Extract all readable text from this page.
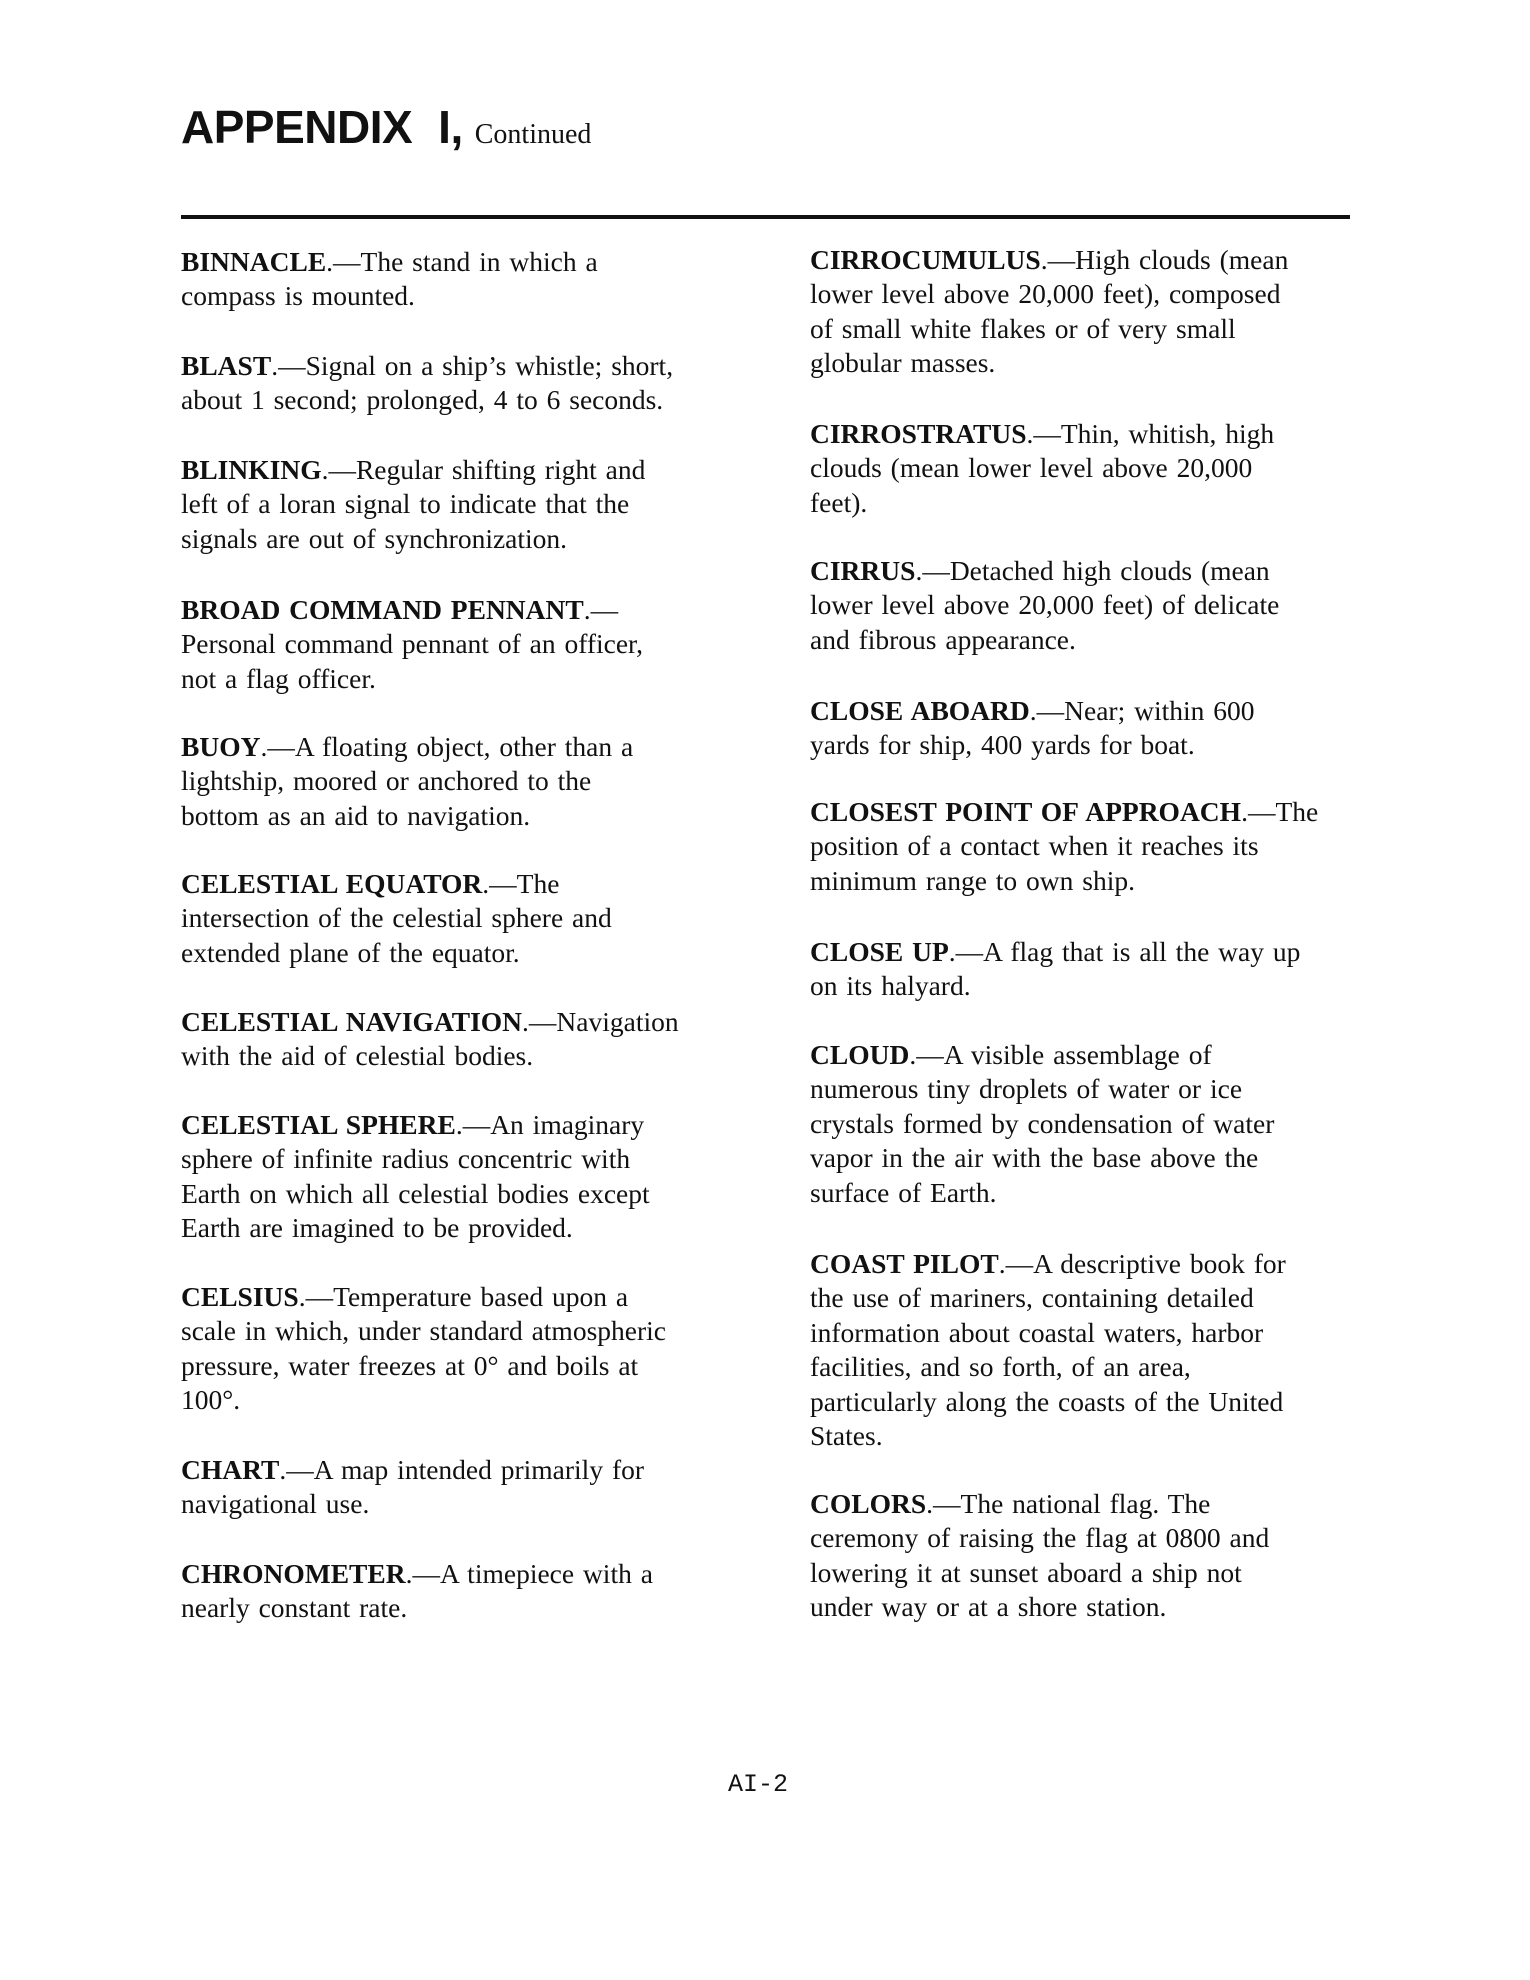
APPENDIX I, Continued
BINNACLE.—The stand in which a
compass is mounted.
BLAST.—Signal on a ship’s whistle; short,
about 1 second; prolonged, 4 to 6 seconds.
BLINKING.—Regular shifting right and
left of a loran signal to indicate that the
signals are out of synchronization.
BROAD COMMAND PENNANT.—
Personal command pennant of an officer,
not a flag officer.
BUOY.—A floating object, other than a
lightship, moored or anchored to the
bottom as an aid to navigation.
CELESTIAL EQUATOR.—The
intersection of the celestial sphere and
extended plane of the equator.
CELESTIAL NAVIGATION.—Navigation
with the aid of celestial bodies.
CELESTIAL SPHERE.—An imaginary
sphere of infinite radius concentric with
Earth on which all celestial bodies except
Earth are imagined to be provided.
CELSIUS.—Temperature based upon a
scale in which, under standard atmospheric
pressure, water freezes at 0° and boils at
100°.
CHART.—A map intended primarily for
navigational use.
CHRONOMETER.—A timepiece with a
nearly constant rate.
CIRROCUMULUS.—High clouds (mean
lower level above 20,000 feet), composed
of small white flakes or of very small
globular masses.
CIRROSTRATUS.—Thin, whitish, high
clouds (mean lower level above 20,000
feet).
CIRRUS.—Detached high clouds (mean
lower level above 20,000 feet) of delicate
and fibrous appearance.
CLOSE ABOARD.—Near; within 600
yards for ship, 400 yards for boat.
CLOSEST POINT OF APPROACH.—The
position of a contact when it reaches its
minimum range to own ship.
CLOSE UP.—A flag that is all the way up
on its halyard.
CLOUD.—A visible assemblage of
numerous tiny droplets of water or ice
crystals formed by condensation of water
vapor in the air with the base above the
surface of Earth.
COAST PILOT.—A descriptive book for
the use of mariners, containing detailed
information about coastal waters, harbor
facilities, and so forth, of an area,
particularly along the coasts of the United
States.
COLORS.—The national flag. The
ceremony of raising the flag at 0800 and
lowering it at sunset aboard a ship not
under way or at a shore station.
AI-2
